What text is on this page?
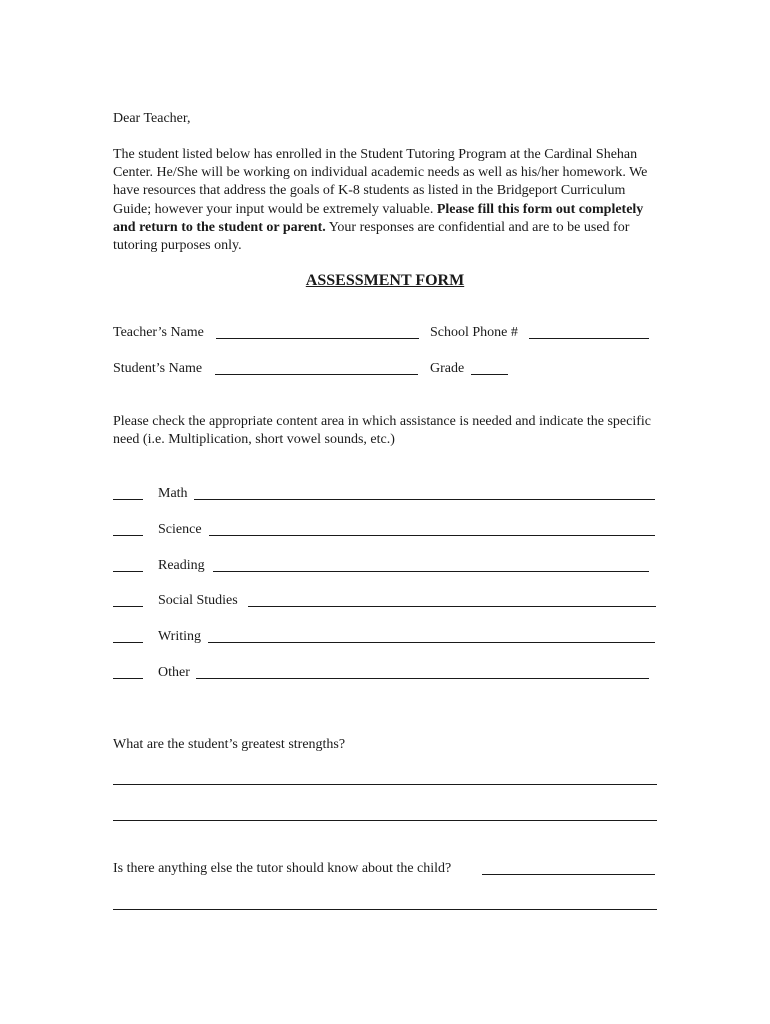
Dear Teacher,
The student listed below has enrolled in the Student Tutoring Program at the Cardinal Shehan Center. He/She will be working on individual academic needs as well as his/her homework. We have resources that address the goals of K-8 students as listed in the Bridgeport Curriculum Guide; however your input would be extremely valuable. Please fill this form out completely and return to the student or parent. Your responses are confidential and are to be used for tutoring purposes only.
ASSESSMENT FORM
Teacher’s Name	School Phone #
Student’s Name	Grade
Please check the appropriate content area in which assistance is needed and indicate the specific need (i.e. Multiplication, short vowel sounds, etc.)
Math
Science
Reading
Social Studies
Writing
Other
What are the student’s greatest strengths?
Is there anything else the tutor should know about the child?
